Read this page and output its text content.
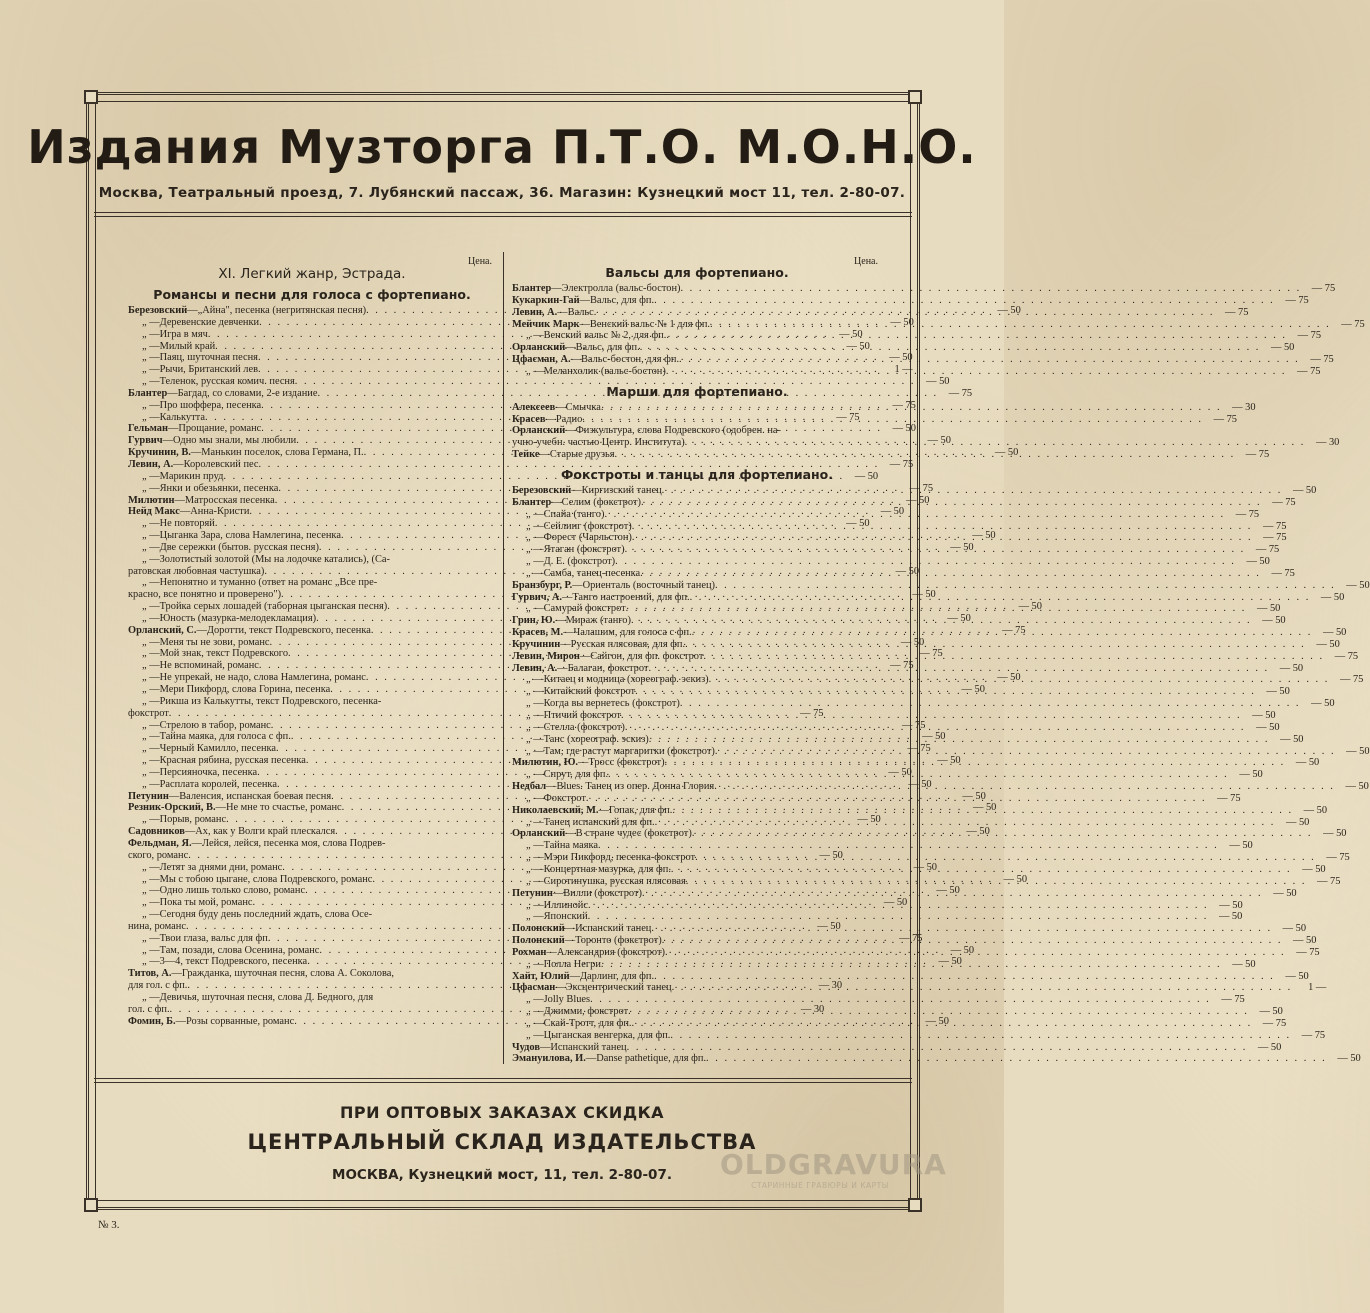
Издания Музторга П.Т.О. М.О.Н.О.
Москва, Театральный проезд, 7. Лубянский пассаж, 36. Магазин: Кузнецкий мост 11, тел. 2-80-07.
Цена.
XI. Легкий жанр, Эстрада.
Романсы и песни для голоса с фортепиано.
Березовский—„Айна", песенка (негритянская песня) . . .	— 50
„ —Деревенские девченки . . .	— 50
„ —Игра в мяч . . .	— 50
„ —Милый край . . .	— 50
„ —Паяц, шуточная песня . . .	— 50
„ —Рычи, Британский лев . . .	1 —
„ —Теленок, русская комич. песня . . .	— 50
Блантер—Багдад, со словами, 2-е издание . . .	— 75
„ —Про шоффера, песенка . . .	— 75
„ —Калькутта . . .	— 75
Гельман—Прощание, романс . . .	— 50
Гурвич—Одно мы знали, мы любили . . .	— 50
Кручинин, В.—Манькин поселок, слова Германа, П. . . .	— 50
Левин, А.—Королевский пес . . .	— 75
„ —Марикин пруд . . .	— 50
„ —Янки и обезьянки, песенка . . .	— 75
Милютин—Матросская песенка . . .	— 50
Нейд Макс—Анна-Кристи . . .	— 50
„ —Не повторяй . . .	— 50
„ —Цыганка Зара, слова Намлегина, песенка . . .	— 50
„ —Две сережки (бытов. русская песня) . . .	— 50
„ —Золотистый золотой (Мы на лодочке катались), (Са-
ратовская любовная частушка) . . .	— 50
„ —Непонятно и туманно (ответ на романс „Все пре-
красно, все понятно и проверено") . . .	— 50
„ —Тройка серых лошадей (таборная цыганская песня) . . .	— 50
„ —Юность (мазурка-мелодекламация) . . .	— 50
Орланский, С.—Доротти, текст Подревского, песенка . . .	— 75
„ —Меня ты не зови, романс . . .	— 50
„ —Мой знак, текст Подревского . . .	— 75
„ —Не вспоминай, романс . . .	— 75
„ —Не упрекай, не надо, слова Намлегина, романс . . .	— 50
„ —Мери Пикфорд, слова Горина, песенка . . .	— 50
„ —Рикша из Калькутты, текст Подревского, песенка-
фокстрот . . .	— 75
„ —Стрелою в табор, романс . . .	— 75
„ —Тайна маяка, для голоса с фп. . . .	— 50
„ —Черный Камилло, песенка . . .	— 75
„ —Красная рябина, русская песенка . . .	— 50
„ —Персияночка, песенка . . .	— 50
„ —Расплата королей, песенка . . .	— 50
Петунин—Валенсия, испанская боевая песня . . .	— 50
Резник-Орский, В.—Не мне то счастье, романс . . .	— 50
„ —Порыв, романс . . .	— 50
Садовников—Ах, как у Волги край плескался . . .	— 50
Фельдман, Я.—Лейся, лейся, песенка моя, слова Подрев-
ского, романс . . .	— 50
„ —Летят за днями дни, романс . . .	— 50
„ —Мы с тобою цыгане, слова Подревского, романс . . .	— 50
„ —Одно лишь только слово, романс . . .	— 50
„ —Пока ты мой, романс . . .	— 50
„ —Сегодня буду день последний ждать, слова Осе-
нина, романс . . .	— 50
„ —Твои глаза, вальс для фп . . .	— 75
„ —Там, позади, слова Осенина, романс . . .	— 50
„ —3—4, текст Подревского, песенка . . .	— 50
Титов, А.—Гражданка, шуточная песня, слова А. Соколова,
для гол. с фп. . . .	— 30
„ —Девичья, шуточная песня, слова Д. Бедного, для
гол. с фп. . . .	— 30
Фомин, Б.—Розы сорванные, романс . . .	— 50
Цена.
Вальсы для фортепиано.
Блантер—Электролла (вальс-бостон) . . .	— 75
Кукаркин-Гай—Вальс, для фп. . . .	— 75
Левин, А.—Вальс . . .	— 75
Мейчик Марк—Венский вальс № 1 для фп. . . .	— 75
„ —Венский вальс № 2, для фп. . . .	— 75
Орланский—Вальс, для фп. . . .	— 50
Цфасман, А.—Вальс-бостон, для фп. . . .	— 75
„ —Меланхолик (вальс-бостон) . . .	— 75
Марши для фортепиано.
Алексеев—Смычка . . .	— 30
Красев—Радио . . .	— 75
Орланский—Физкультура, слова Подревского (одобрен. на-
учно-учебн. частью Центр. Института) . . .	— 30
Тейке—Старые друзья . . .	— 75
Фокстроты и танцы для фортепиано.
Березовский—Киргизский танец . . .	— 50
Блантер—Селим (фокстрот) . . .	— 75
„ —Спайа (танго) . . .	— 75
„ —Сейлинг (фокстрот) . . .	— 75
„ —Форест (Чарльстон) . . .	— 75
„ —Ятаган (фокстрот) . . .	— 75
„ —Д. Е. (фокстрот) . . .	— 50
„ —Самба, танец-песенка . . .	— 75
Бранзбург, Р.—Ориенталь (восточный танец) . . .	— 50
Гурвич, А.—Танго настроений, для фп. . . .	— 50
„ —Самурай фокстрот . . .	— 50
Грин, Ю.—Мираж (танго) . . .	— 50
Красев, М.—Чалашим, для голоса с фп. . . .	— 50
Кручинин—Русская плясовая, для фп. . . .	— 50
Левин, Мирон—Сайгон, для фп. фокстрот . . .	— 75
Левин, А.—Балаган, фокстрот . . .	— 50
„ —Китаец и модница (хореограф. эскиз) . . .	— 75
„ —Китайский фокстрот . . .	— 50
„ —Когда вы вернетесь (фокстрот) . . .	— 50
„ —Птичий фокстрот . . .	— 50
„ —Стелла (фокстрот) . . .	— 50
„ —Танс (хореограф. эскиз) . . .	— 50
„ —Там, где растут маргаритки (фокстрот) . . .	— 50
Милютин, Ю.—Тросс (фокстрот) . . .	— 50
„ —Спрут, для фп. . . .	— 50
Недбал—Blues. Танец из опер. Донна Глория . . .	— 50
„ —Фокстрот . . .	— 75
Николаевский, М.—Гопак, для фп. . . .	— 50
„ —Танец испанский для фп. . . .	— 50
Орланский—В стране чудес (фокстрот) . . .	— 50
„ —Тайна маяка . . .	— 50
„ —Мэри Пикфорд, песенка-фокстрот . . .	— 75
„ —Концертная мазурка, для фп. . . .	— 50
„ —Сиротинушка, русская плясовая . . .	— 75
Петунин—Вилли (фокстрот) . . .	— 50
„ —Иллинойс . . .	— 50
„ —Японский . . .	— 50
Полонский—Испанский танец . . .	— 50
Полонский—Торонто (фокстрот) . . .	— 50
Рохман—Александрия (фокстрот) . . .	— 75
„ —Полла Негри . . .	— 50
Хайт, Юлий—Дарлинг, для фп. . . .	— 50
Цфасман—Эксцентрический танец . . .	1 —
„ —Jolly Blues . . .	— 75
„ —Джимми, фокстрот . . .	— 50
„ —Скай-Тротт, для фп. . . .	— 75
„ —Цыганская венгерка, для фп. . . .	— 75
Чудов—Испанский танец . . .	— 50
Эмануилова, И.—Danse pathetique, для фп. . . .	— 50
ПРИ ОПТОВЫХ ЗАКАЗАХ СКИДКА
ЦЕНТРАЛЬНЫЙ СКЛАД ИЗДАТЕЛЬСТВА
МОСКВА, Кузнецкий мост, 11, тел. 2-80-07.
№ 3.
OLDGRAVURA
СТАРИННЫЕ ГРАВЮРЫ И КАРТЫ
